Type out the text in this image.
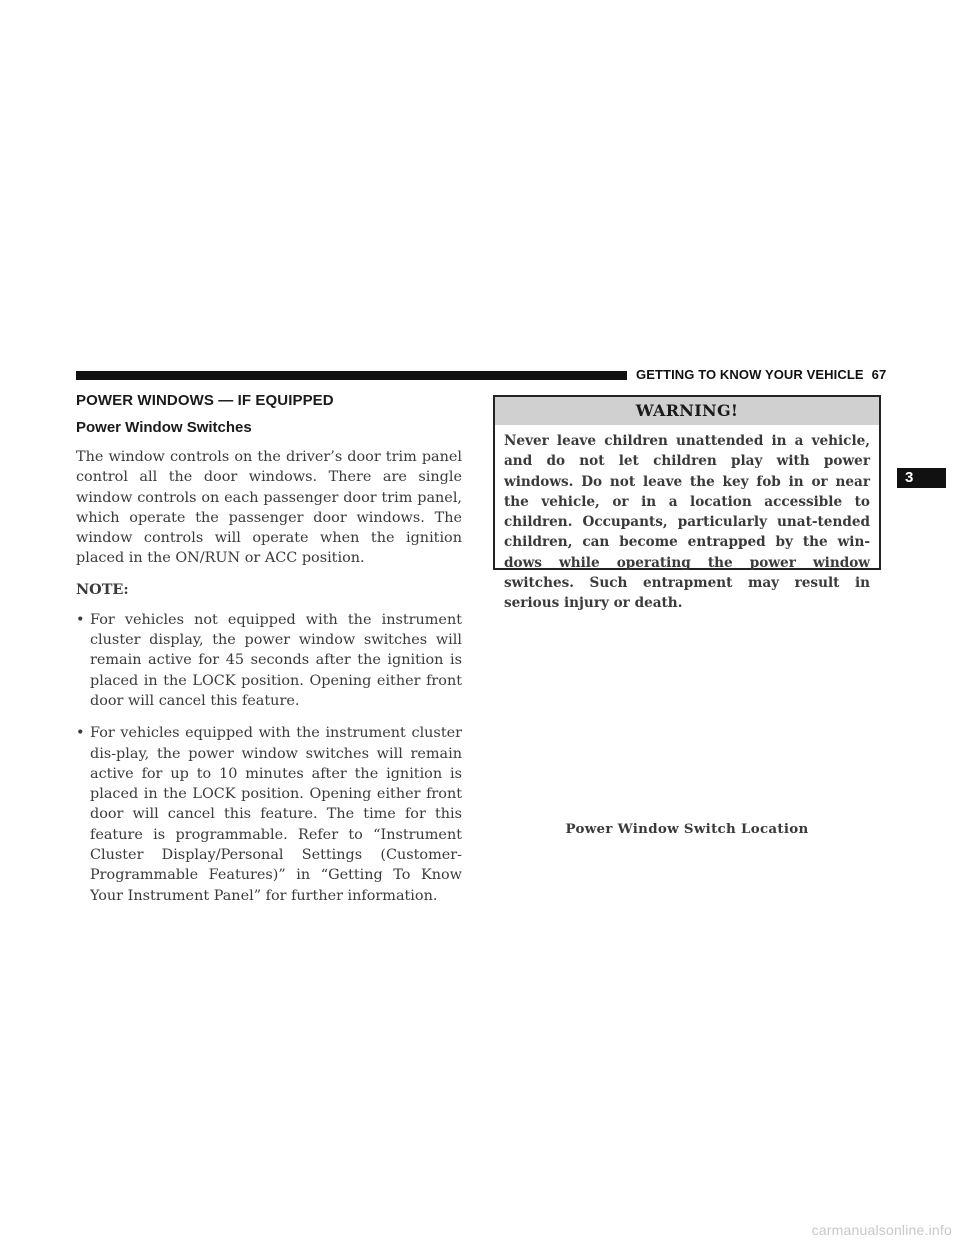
GETTING TO KNOW YOUR VEHICLE 67
3
POWER WINDOWS — IF EQUIPPED
Power Window Switches

The window controls on the driver’s door trim panel control all the door windows. There are single window controls on each passenger door trim panel, which operate the passenger door windows. The window controls will operate when the ignition placed in the ON/RUN or ACC position.

NOTE:

• For vehicles not equipped with the instrument cluster display, the power window switches will remain active for 45 seconds after the ignition is placed in the LOCK position. Opening either front door will cancel this feature.
• For vehicles equipped with the instrument cluster dis-play, the power window switches will remain active for up to 10 minutes after the ignition is placed in the LOCK position. Opening either front door will cancel this feature. The time for this feature is programmable. Refer to “Instrument Cluster Display/Personal Settings (Customer-Programmable Features)” in “Getting To Know Your Instrument Panel” for further information.
WARNING!
Never leave children unattended in a vehicle, and do not let children play with power windows. Do not leave the key fob in or near the vehicle, or in a location accessible to children. Occupants, particularly unat-tended children, can become entrapped by the win-dows while operating the power window switches. Such entrapment may result in serious injury or death.
Power Window Switch Location
carmanualsonline.info
